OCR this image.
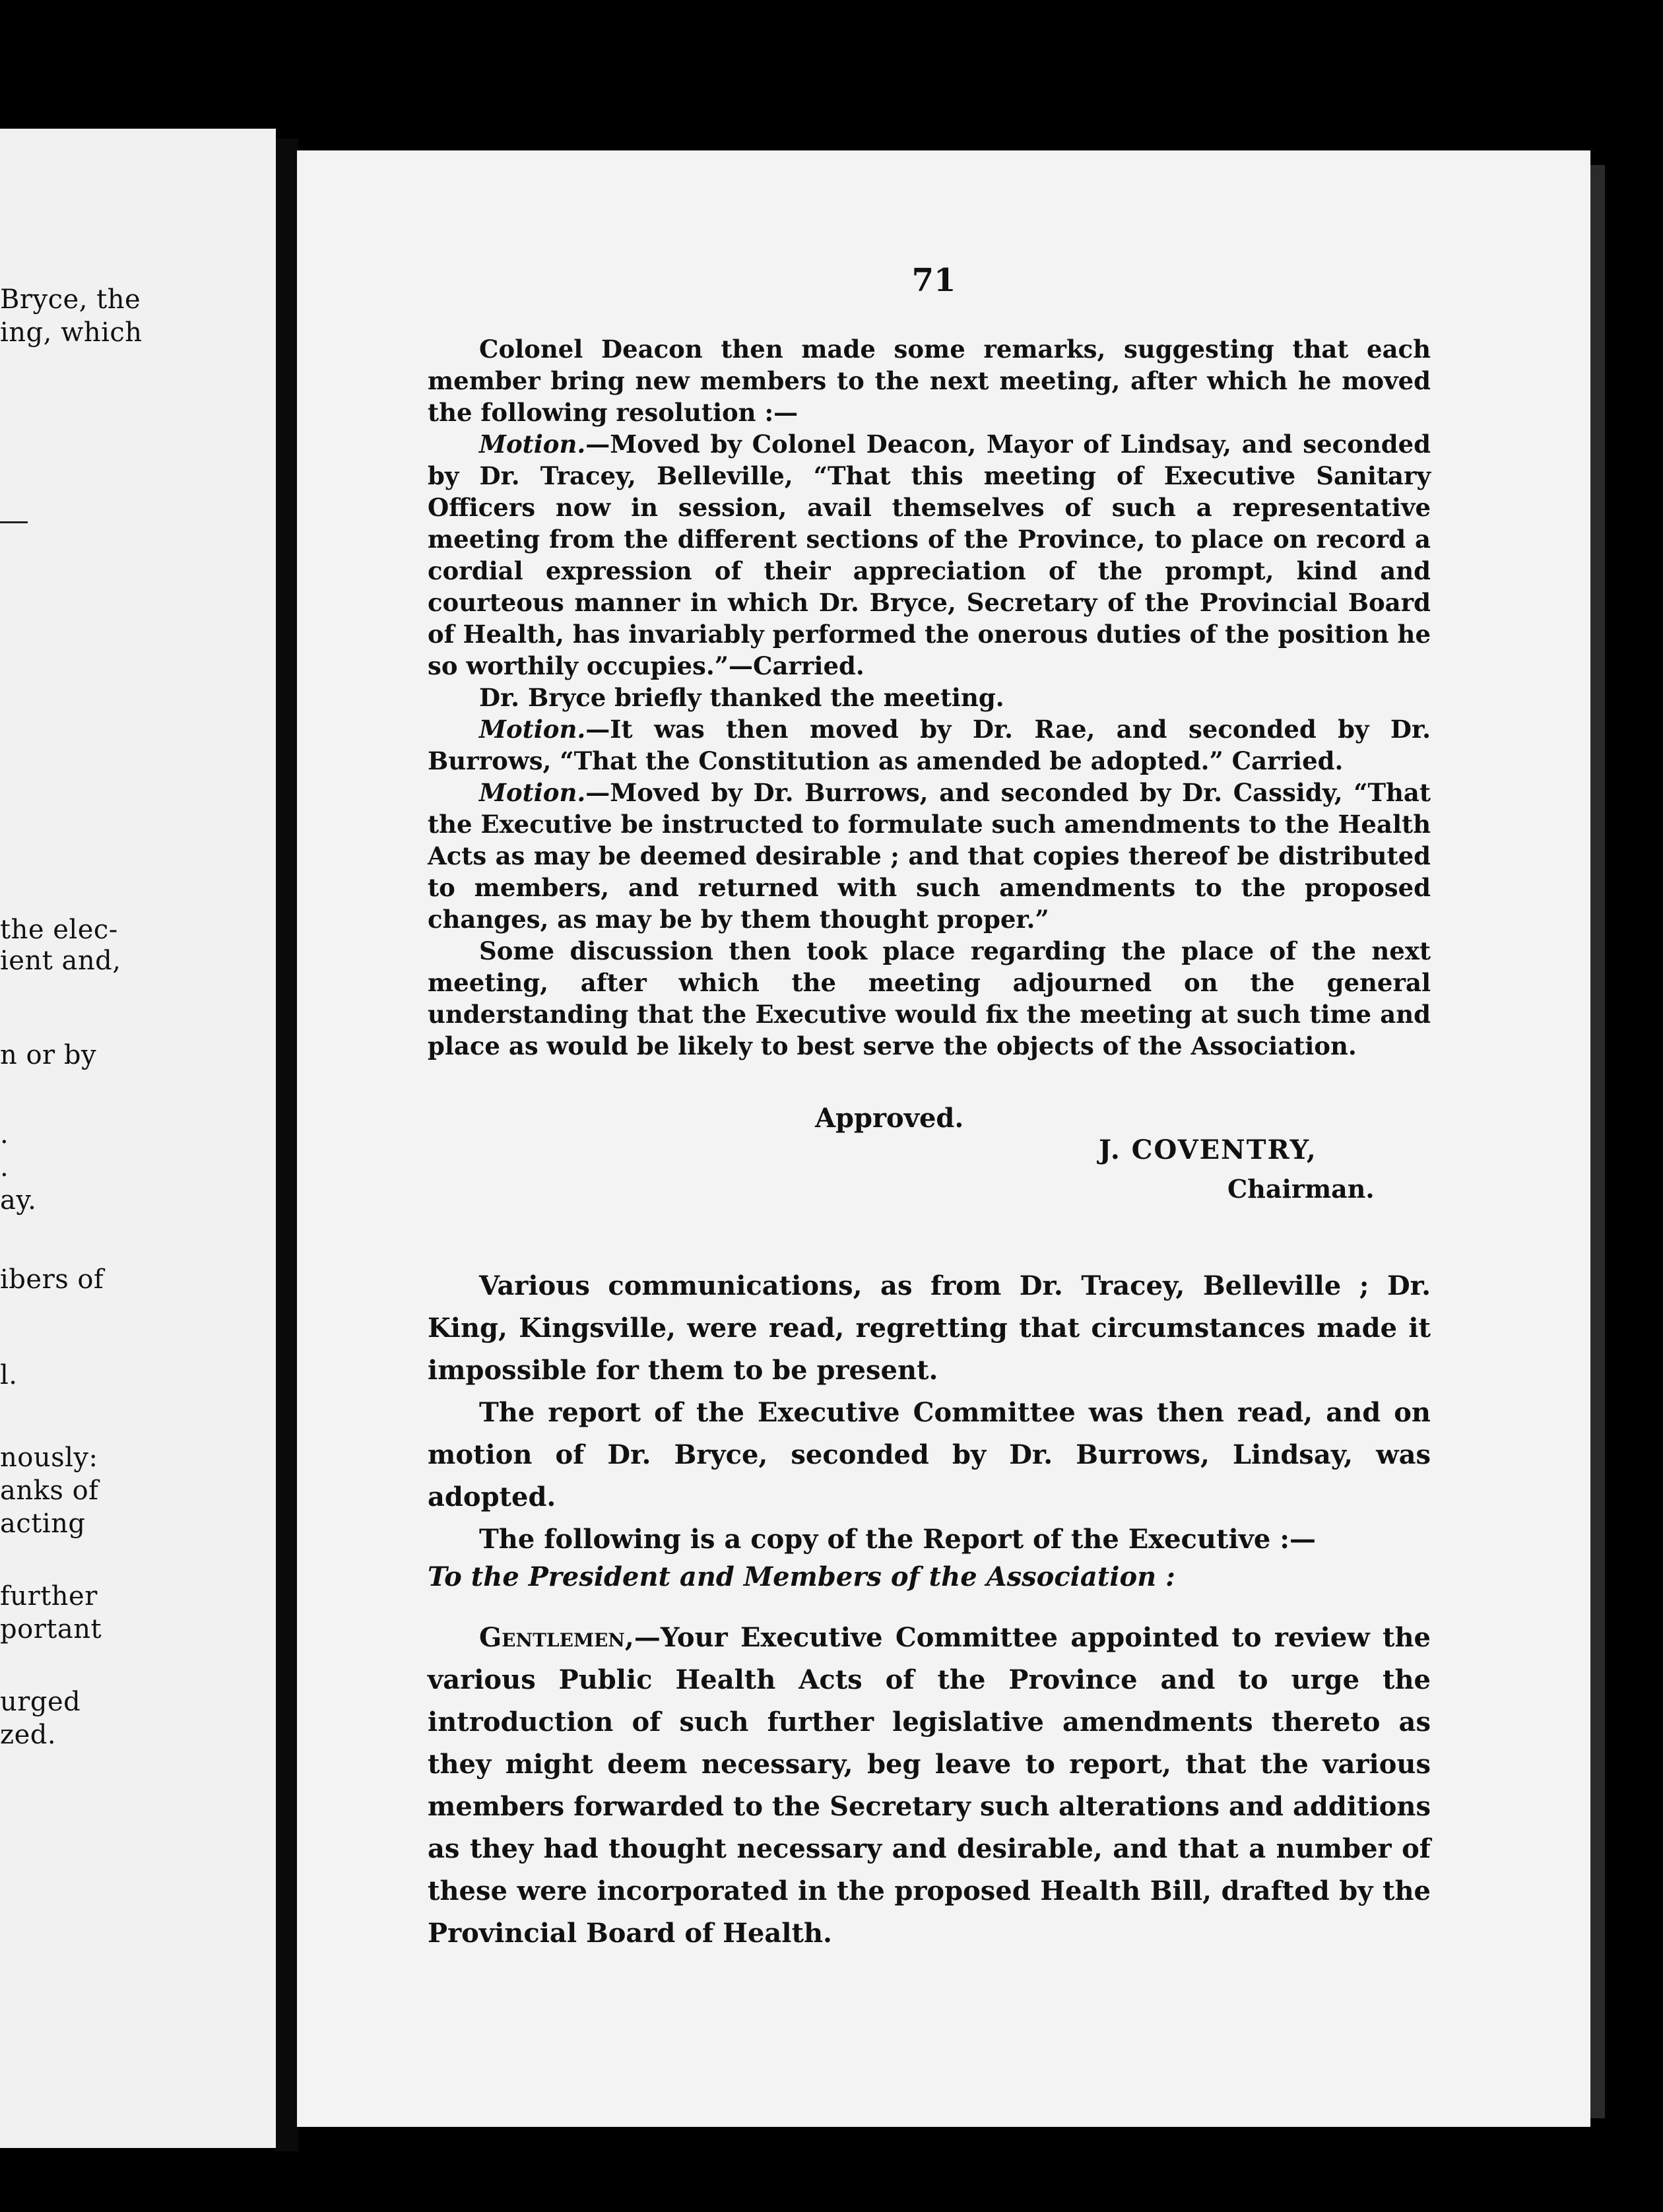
Bryce, the
ing, which
the elec-
ient and,
n or by
.
.
ay.
ibers of
l.
nously:
anks of
acting
further
portant
urged
zed.
71

Colonel Deacon then made some remarks, suggesting that each member bring new members to the next meeting, after which he moved the following resolution :—

Motion.—Moved by Colonel Deacon, Mayor of Lindsay, and seconded by Dr. Tracey, Belleville, “That this meeting of Executive Sanitary Officers now in session, avail themselves of such a representative meeting from the different sections of the Province, to place on record a cordial expression of their appreciation of the prompt, kind and courteous manner in which Dr. Bryce, Secretary of the Provincial Board of Health, has invariably performed the onerous duties of the position he so worthily occupies.”—Carried.

Dr. Bryce briefly thanked the meeting.

Motion.—It was then moved by Dr. Rae, and seconded by Dr. Burrows, “That the Constitution as amended be adopted.” Carried.

Motion.—Moved by Dr. Burrows, and seconded by Dr. Cassidy, “That the Executive be instructed to formulate such amendments to the Health Acts as may be deemed desirable ; and that copies thereof be distributed to members, and returned with such amendments to the proposed changes, as may be by them thought proper.”

Some discussion then took place regarding the place of the next meeting, after which the meeting adjourned on the general understanding that the Executive would fix the meeting at such time and place as would be likely to best serve the objects of the Association.

Approved.
J. COVENTRY,
Chairman.

Various communications, as from Dr. Tracey, Belleville ; Dr. King, Kingsville, were read, regretting that circumstances made it impossible for them to be present.

The report of the Executive Committee was then read, and on motion of Dr. Bryce, seconded by Dr. Burrows, Lindsay, was adopted.

The following is a copy of the Report of the Executive :—

To the President and Members of the Association :

Gentlemen,—Your Executive Committee appointed to review the various Public Health Acts of the Province and to urge the introduction of such further legislative amendments thereto as they might deem necessary, beg leave to report, that the various members forwarded to the Secretary such alterations and additions as they had thought necessary and desirable, and that a number of these were incorporated in the proposed Health Bill, drafted by the Provincial Board of Health.
